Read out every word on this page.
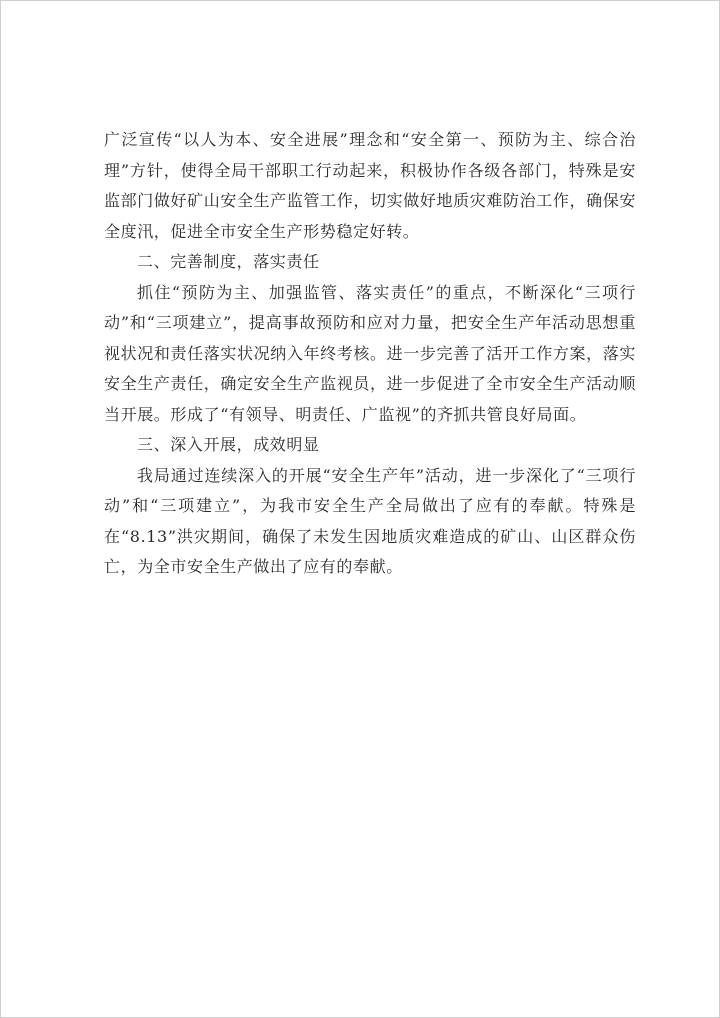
广泛宣传“以人为本、安全进展”理念和“安全第一、预防为主、综合治理”方针，使得全局干部职工行动起来，积极协作各级各部门，特殊是安监部门做好矿山安全生产监管工作，切实做好地质灾难防治工作，确保安全度汛，促进全市安全生产形势稳定好转。

二、完善制度，落实责任

抓住“预防为主、加强监管、落实责任”的重点，不断深化“三项行动”和“三项建立”，提高事故预防和应对力量，把安全生产年活动思想重视状况和责任落实状况纳入年终考核。进一步完善了活开工作方案，落实安全生产责任，确定安全生产监视员，进一步促进了全市安全生产活动顺当开展。形成了“有领导、明责任、广监视”的齐抓共管良好局面。

三、深入开展，成效明显

我局通过连续深入的开展“安全生产年”活动，进一步深化了“三项行动”和“三项建立”，为我市安全生产全局做出了应有的奉献。特殊是在“8.13”洪灾期间，确保了未发生因地质灾难造成的矿山、山区群众伤亡，为全市安全生产做出了应有的奉献。
